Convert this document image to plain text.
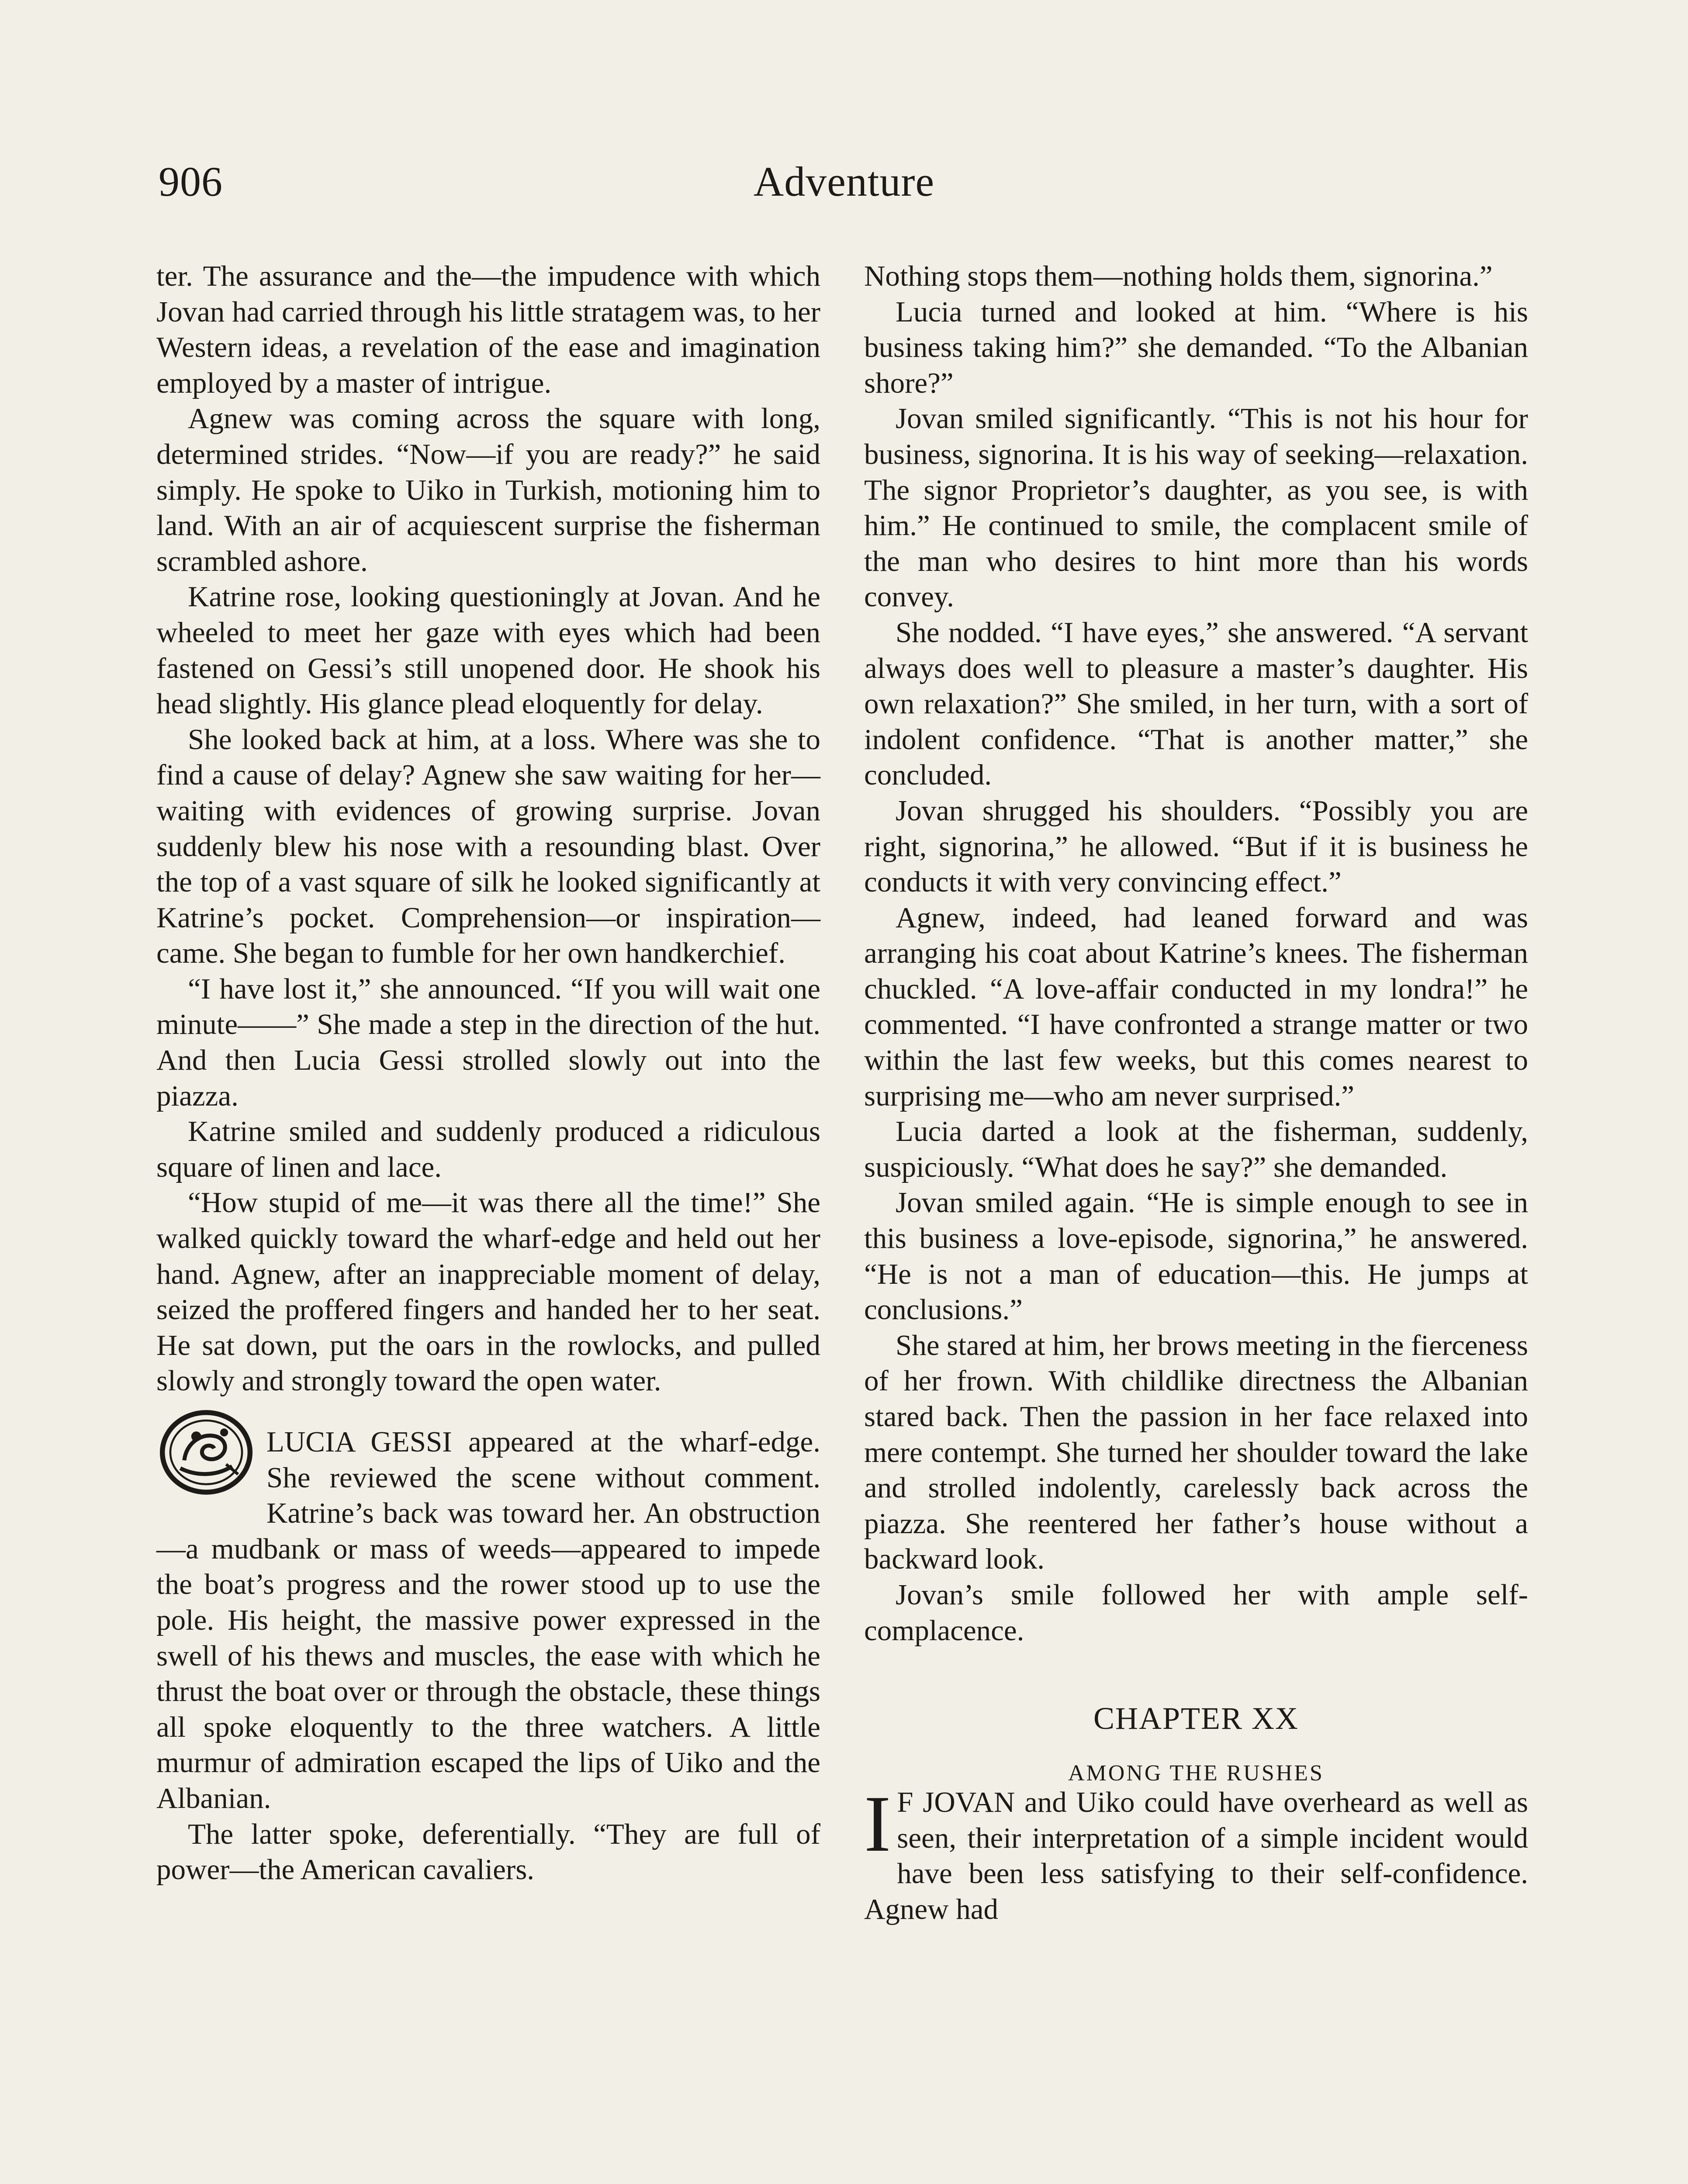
906	Adventure

ter. The assurance and the—the impudence with which Jovan had carried through his little stratagem was, to her Western ideas, a revelation of the ease and imagination employed by a master of intrigue.

Agnew was coming across the square with long, determined strides. “Now—if you are ready?” he said simply. He spoke to Uiko in Turkish, motioning him to land. With an air of acquiescent surprise the fisherman scrambled ashore.

Katrine rose, looking questioningly at Jovan. And he wheeled to meet her gaze with eyes which had been fastened on Gessi’s still unopened door. He shook his head slightly. His glance plead eloquently for delay.

She looked back at him, at a loss. Where was she to find a cause of delay? Agnew she saw waiting for her—waiting with evidences of growing surprise. Jovan suddenly blew his nose with a resounding blast. Over the top of a vast square of silk he looked significantly at Katrine’s pocket. Comprehension—or inspiration—came. She began to fumble for her own handkerchief.

“I have lost it,” she announced. “If you will wait one minute——” She made a step in the direction of the hut. And then Lucia Gessi strolled slowly out into the piazza.

Katrine smiled and suddenly produced a ridiculous square of linen and lace.

“How stupid of me—it was there all the time!” She walked quickly toward the wharf-edge and held out her hand. Agnew, after an inappreciable moment of delay, seized the proffered fingers and handed her to her seat. He sat down, put the oars in the rowlocks, and pulled slowly and strongly toward the open water.

LUCIA GESSI appeared at the wharf-edge. She reviewed the scene without comment. Katrine’s back was toward her. An obstruction—a mudbank or mass of weeds—appeared to impede the boat’s progress and the rower stood up to use the pole. His height, the massive power expressed in the swell of his thews and muscles, the ease with which he thrust the boat over or through the obstacle, these things all spoke eloquently to the three watchers. A little murmur of admiration escaped the lips of Uiko and the Albanian.

The latter spoke, deferentially. “They are full of power—the American cavaliers.

Nothing stops them—nothing holds them, signorina.”

Lucia turned and looked at him. “Where is his business taking him?” she demanded. “To the Albanian shore?”

Jovan smiled significantly. “This is not his hour for business, signorina. It is his way of seeking—relaxation. The signor Proprietor’s daughter, as you see, is with him.” He continued to smile, the complacent smile of the man who desires to hint more than his words convey.

She nodded. “I have eyes,” she answered. “A servant always does well to pleasure a master’s daughter. His own relaxation?” She smiled, in her turn, with a sort of indolent confidence. “That is another matter,” she concluded.

Jovan shrugged his shoulders. “Possibly you are right, signorina,” he allowed. “But if it is business he conducts it with very convincing effect.”

Agnew, indeed, had leaned forward and was arranging his coat about Katrine’s knees. The fisherman chuckled. “A love-affair conducted in my londra!” he commented. “I have confronted a strange matter or two within the last few weeks, but this comes nearest to surprising me—who am never surprised.”

Lucia darted a look at the fisherman, suddenly, suspiciously. “What does he say?” she demanded.

Jovan smiled again. “He is simple enough to see in this business a love-episode, signorina,” he answered. “He is not a man of education—this. He jumps at conclusions.”

She stared at him, her brows meeting in the fierceness of her frown. With childlike directness the Albanian stared back. Then the passion in her face relaxed into mere contempt. She turned her shoulder toward the lake and strolled indolently, carelessly back across the piazza. She reentered her father’s house without a backward look.

Jovan’s smile followed her with ample self-complacence.

CHAPTER XX
AMONG THE RUSHES

I F JOVAN and Uiko could have overheard as well as seen, their interpretation of a simple incident would have been less satisfying to their self-confidence. Agnew had
